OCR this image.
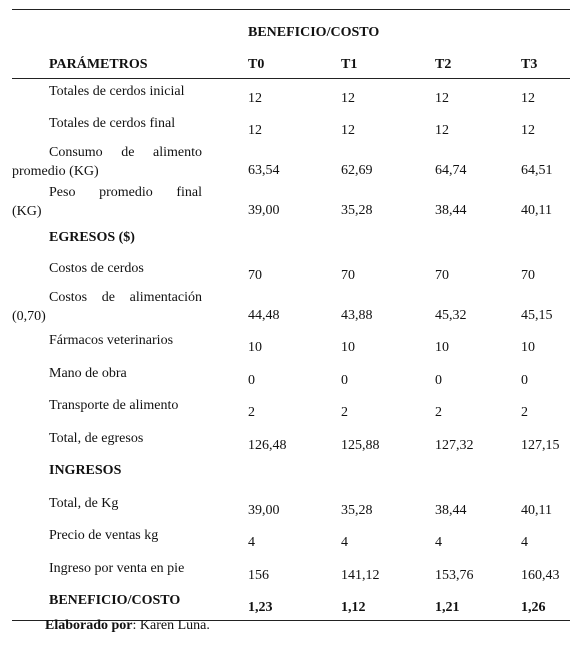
BENEFICIO/COSTO
PARÁMETROS	T0	T1	T2	T3
Totales de cerdos inicial	12	12	12	12
Totales de cerdos final	12	12	12	12
Consumo de alimento
promedio (KG)	63,54	62,69	64,74	64,51
Peso promedio final
(KG)	39,00	35,28	38,44	40,11
EGRESOS ($)
Costos de cerdos	70	70	70	70
Costos de alimentación
(0,70)	44,48	43,88	45,32	45,15
Fármacos veterinarios	10	10	10	10
Mano de obra	0	0	0	0
Transporte de alimento	2	2	2	2
Total, de egresos	126,48	125,88	127,32	127,15
INGRESOS
Total, de Kg	39,00	35,28	38,44	40,11
Precio de ventas kg	4	4	4	4
Ingreso por venta en pie	156	141,12	153,76	160,43
BENEFICIO/COSTO	1,23	1,12	1,21	1,26
Elaborado por: Karen Luna.
